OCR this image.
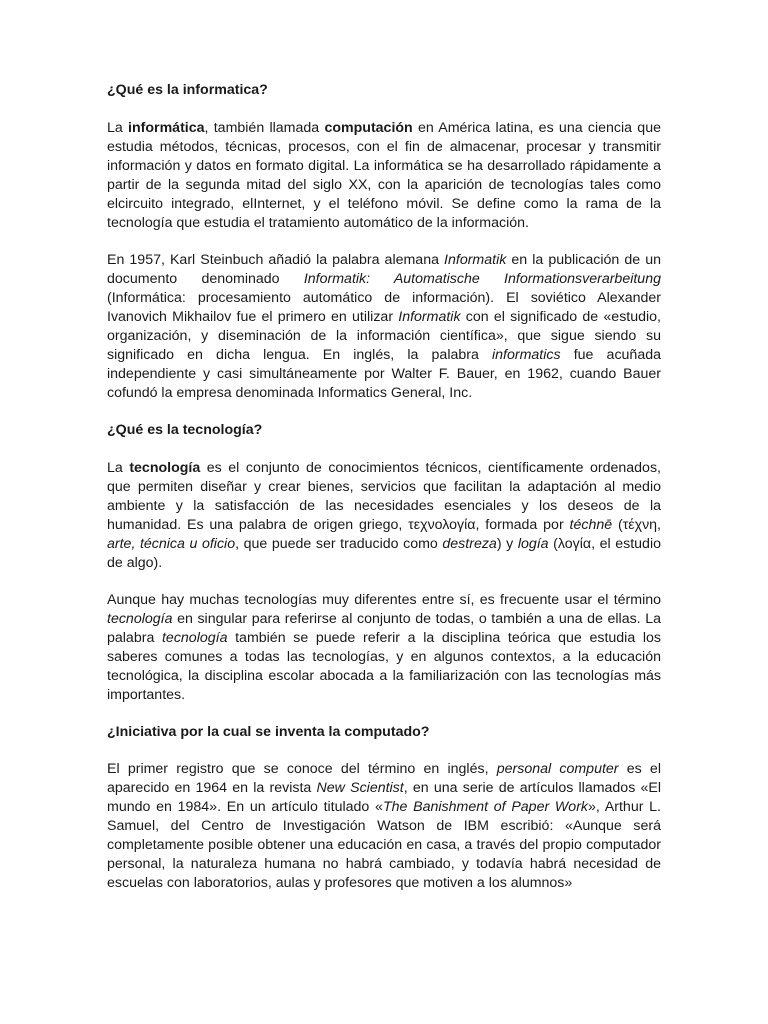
¿Qué es la informatica?

La informática, también llamada computación en América latina, es una ciencia que estudia métodos, técnicas, procesos, con el fin de almacenar, procesar y transmitir información y datos en formato digital. La informática se ha desarrollado rápidamente a partir de la segunda mitad del siglo XX, con la aparición de tecnologías tales como elcircuito integrado, elInternet, y el teléfono móvil. Se define como la rama de la tecnología que estudia el tratamiento automático de la información.

En 1957, Karl Steinbuch añadió la palabra alemana Informatik en la publicación de un documento denominado Informatik: Automatische Informationsverarbeitung (Informática: procesamiento automático de información). El soviético Alexander Ivanovich Mikhailov fue el primero en utilizar Informatik con el significado de «estudio, organización, y diseminación de la información científica», que sigue siendo su significado en dicha lengua. En inglés, la palabra informatics fue acuñada independiente y casi simultáneamente por Walter F. Bauer, en 1962, cuando Bauer cofundó la empresa denominada Informatics General, Inc.

¿Qué es la tecnología?

La tecnología es el conjunto de conocimientos técnicos, científicamente ordenados, que permiten diseñar y crear bienes, servicios que facilitan la adaptación al medio ambiente y la satisfacción de las necesidades esenciales y los deseos de la humanidad. Es una palabra de origen griego, τεχνολογία, formada por téchnē (τέχνη, arte, técnica u oficio, que puede ser traducido como destreza) y logía (λογία, el estudio de algo).

Aunque hay muchas tecnologías muy diferentes entre sí, es frecuente usar el término tecnología en singular para referirse al conjunto de todas, o también a una de ellas. La palabra tecnología también se puede referir a la disciplina teórica que estudia los saberes comunes a todas las tecnologías, y en algunos contextos, a la educación tecnológica, la disciplina escolar abocada a la familiarización con las tecnologías más importantes.

¿Iniciativa por la cual se inventa la computado?

El primer registro que se conoce del término en inglés, personal computer es el aparecido en 1964 en la revista New Scientist, en una serie de artículos llamados «El mundo en 1984». En un artículo titulado «The Banishment of Paper Work», Arthur L. Samuel, del Centro de Investigación Watson de IBM escribió: «Aunque será completamente posible obtener una educación en casa, a través del propio computador personal, la naturaleza humana no habrá cambiado, y todavía habrá necesidad de escuelas con laboratorios, aulas y profesores que motiven a los alumnos»
